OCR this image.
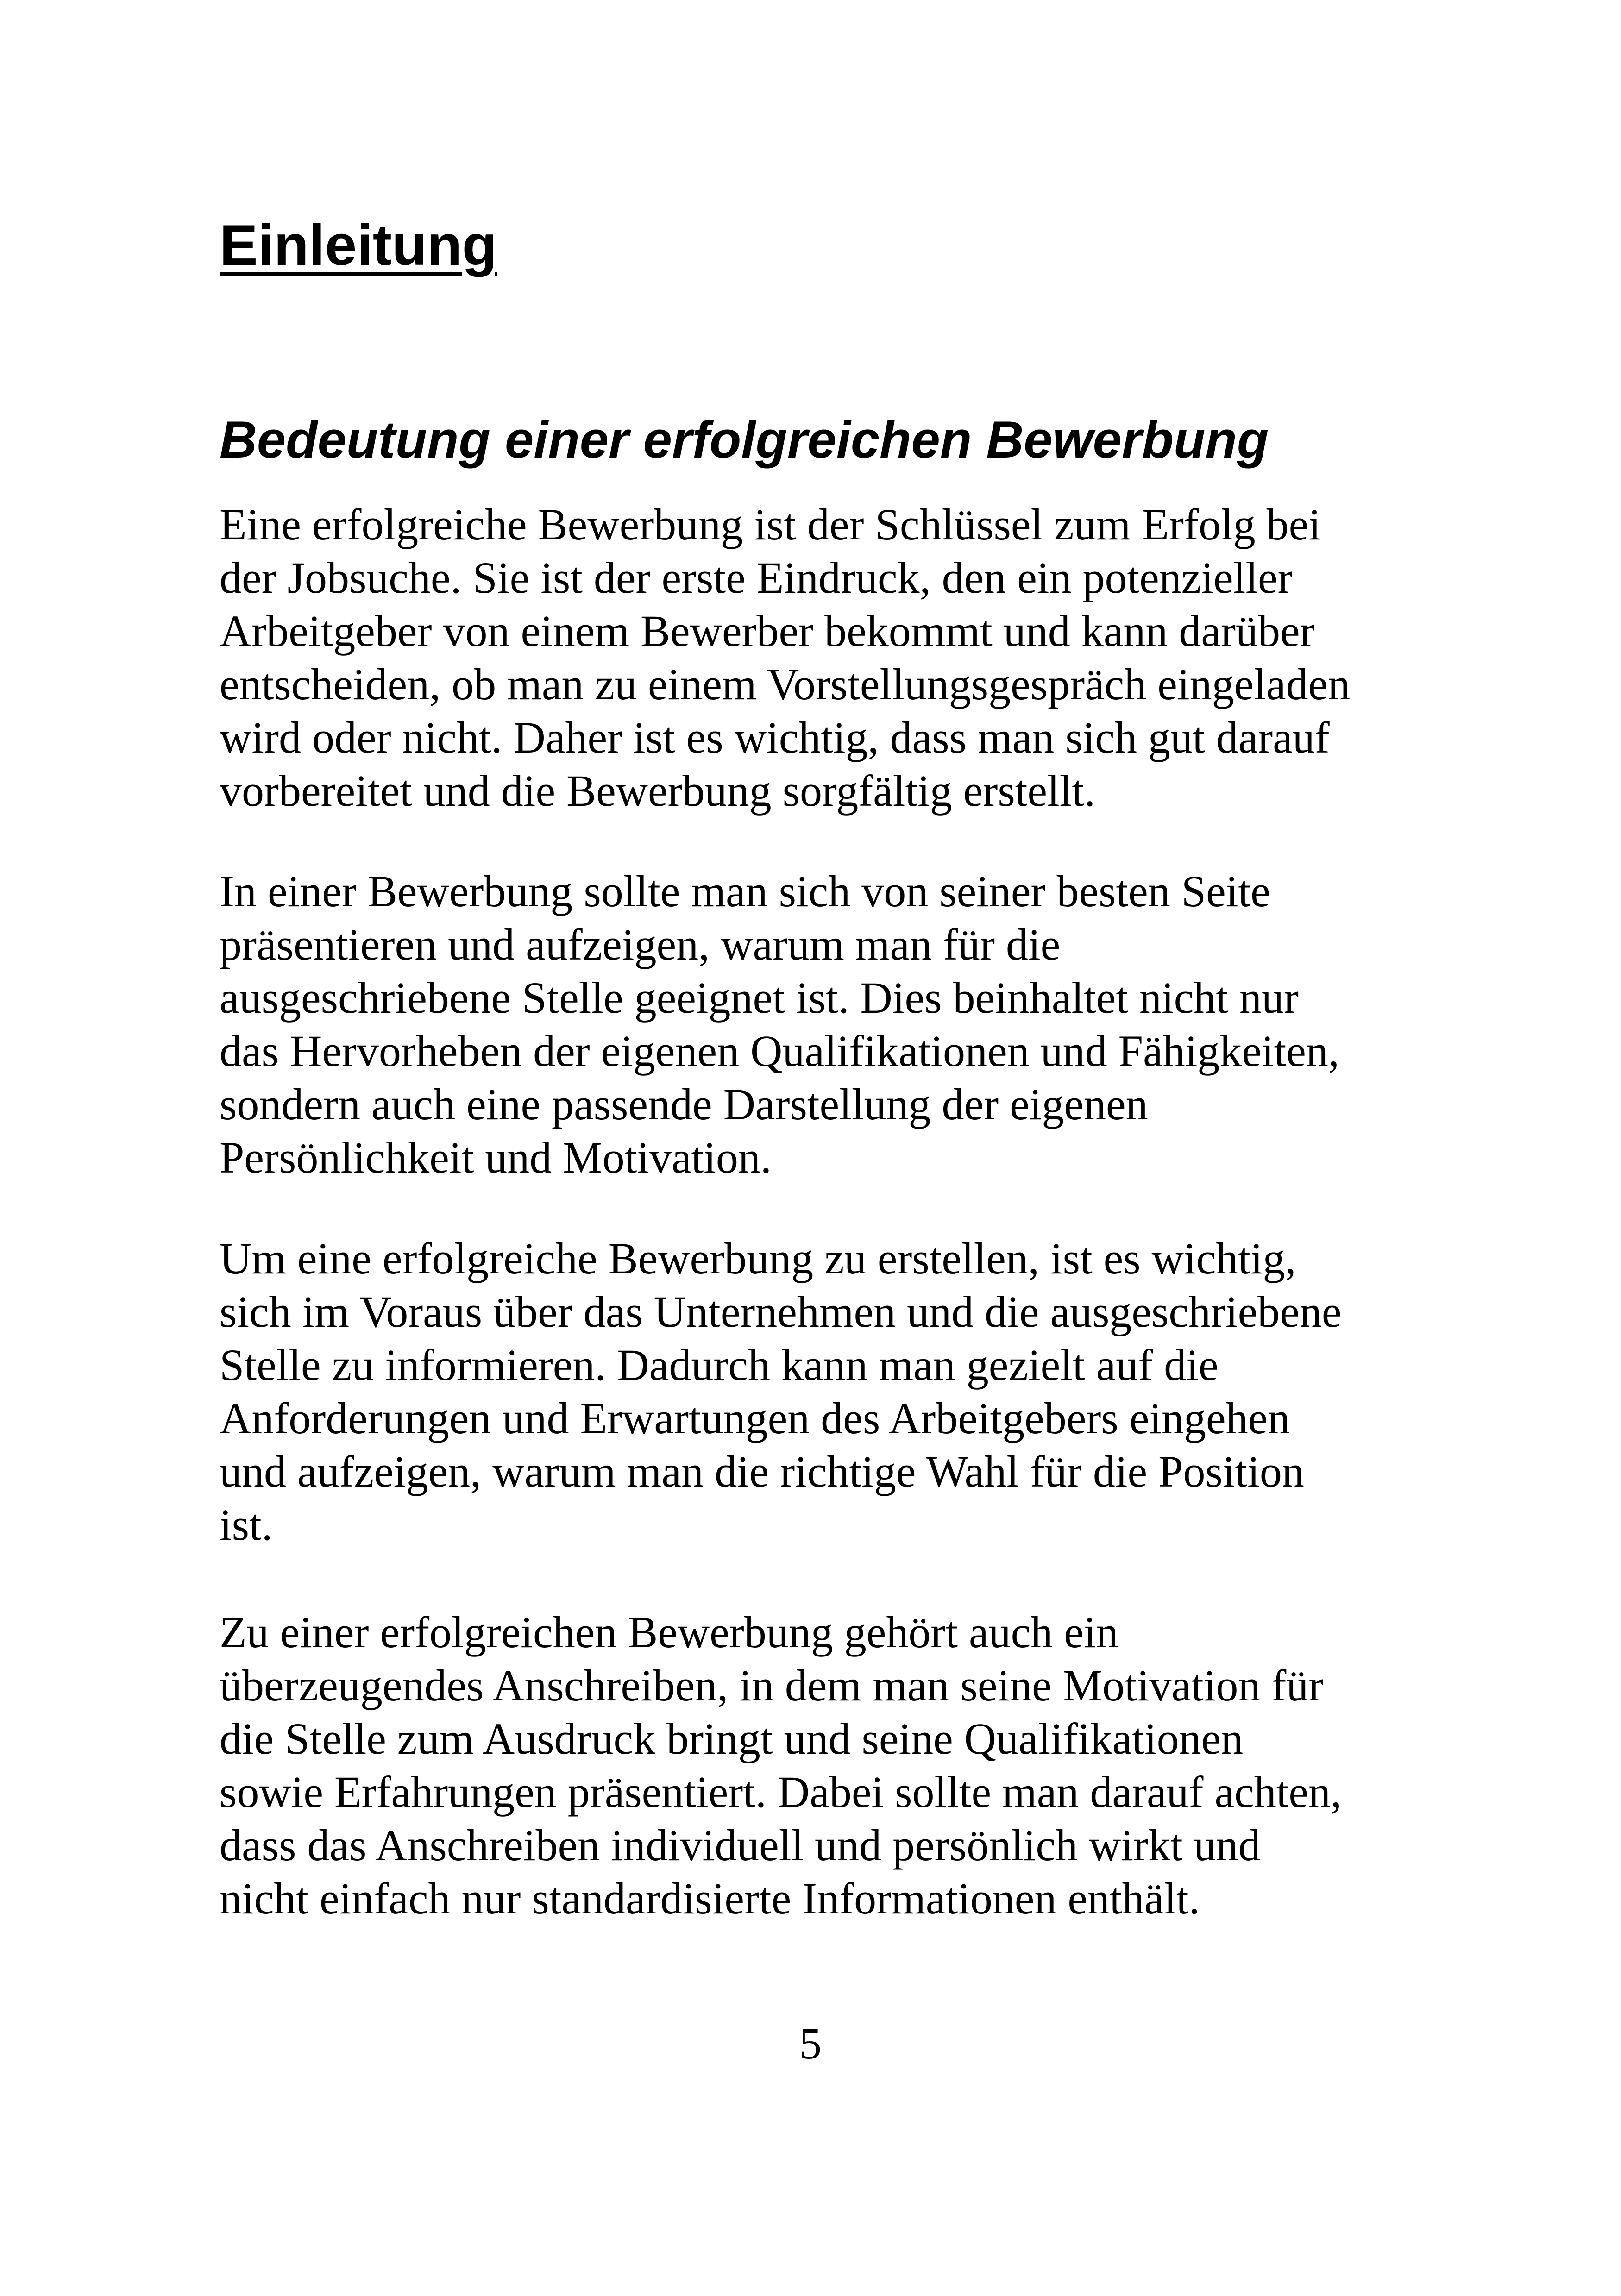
Einleitung
Bedeutung einer erfolgreichen Bewerbung

Eine erfolgreiche Bewerbung ist der Schlüssel zum Erfolg bei
der Jobsuche. Sie ist der erste Eindruck, den ein potenzieller
Arbeitgeber von einem Bewerber bekommt und kann darüber
entscheiden, ob man zu einem Vorstellungsgespräch eingeladen
wird oder nicht. Daher ist es wichtig, dass man sich gut darauf
vorbereitet und die Bewerbung sorgfältig erstellt.

In einer Bewerbung sollte man sich von seiner besten Seite
präsentieren und aufzeigen, warum man für die
ausgeschriebene Stelle geeignet ist. Dies beinhaltet nicht nur
das Hervorheben der eigenen Qualifikationen und Fähigkeiten,
sondern auch eine passende Darstellung der eigenen
Persönlichkeit und Motivation.

Um eine erfolgreiche Bewerbung zu erstellen, ist es wichtig,
sich im Voraus über das Unternehmen und die ausgeschriebene
Stelle zu informieren. Dadurch kann man gezielt auf die
Anforderungen und Erwartungen des Arbeitgebers eingehen
und aufzeigen, warum man die richtige Wahl für die Position
ist.

Zu einer erfolgreichen Bewerbung gehört auch ein
überzeugendes Anschreiben, in dem man seine Motivation für
die Stelle zum Ausdruck bringt und seine Qualifikationen
sowie Erfahrungen präsentiert. Dabei sollte man darauf achten,
dass das Anschreiben individuell und persönlich wirkt und
nicht einfach nur standardisierte Informationen enthält.

5
